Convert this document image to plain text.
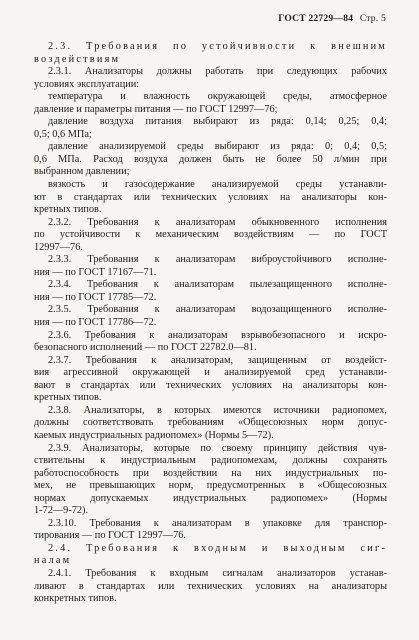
ГОСТ 22729—84 Стр. 5

2.3. Требования по устойчивности к внешним

воздействиям

2.3.1. Анализаторы должны работать при следующих рабочих

условиях эксплуатации:

температура и влажность окружающей среды, атмосферное

давление и параметры питания — по ГОСТ 12997—76;

давление воздуха питания выбирают из ряда: 0,14; 0,25; 0,4;

0,5; 0,6 МПа;

давление анализируемой среды выбирают из ряда: 0; 0,4; 0,5;

0,6 МПа. Расход воздуха должен быть не более 50 л/мин при

выбранном давлении;

вязкость и газосодержание анализируемой среды устанавли-

ют в стандартах или технических условиях на анализаторы кон-

кретных типов.

2.3.2. Требования к анализаторам обыкновенного исполнения

по устойчивости к механическим воздействиям — по ГОСТ

12997—76.

2.3.3. Требования к анализаторам виброустойчивого исполне-

ния — по ГОСТ 17167—71.

2.3.4. Требования к анализаторам пылезащищенного исполне-

ния — по ГОСТ 17785—72.

2.3.5. Требования к анализаторам водозащищенного исполне-

ния — по ГОСТ 17786—72.

2.3.6. Требования к анализаторам взрывобезопасного и искро-

безопасного исполнений — по ГОСТ 22782.0—81.

2.3.7. Требования к анализаторам, защищенным от воздейст-

вия агрессивной окружающей и анализируемой сред устанавли-

вают в стандартах или технических условиях на анализаторы кон-

кретных типов.

2.3.8. Анализаторы, в которых имеются источники радиопомех,

должны соответствовать требованиям «Общесоюзных норм допус-

каемых индустриальных радиопомех» (Нормы 5—72).

2.3.9. Анализаторы, которые по своему принципу действия чув-

ствительны к индустриальным радиопомехам, должны сохранять

работоспособность при воздействии на них индустриальных по-

мех, не превышающих норм, предусмотренных в «Общесоюзных

нормах допускаемых индустриальных радиопомех» (Нормы

1-72—9-72).

2.3.10. Требования к анализаторам в упаковке для транспор-

тирования — по ГОСТ 12997—76.

2.4. Требования к входным и выходным сиг-

налам

2.4.1. Требования к входным сигналам анализаторов устанав-

ливают в стандартах или технических условиях на анализаторы

конкретных типов.
